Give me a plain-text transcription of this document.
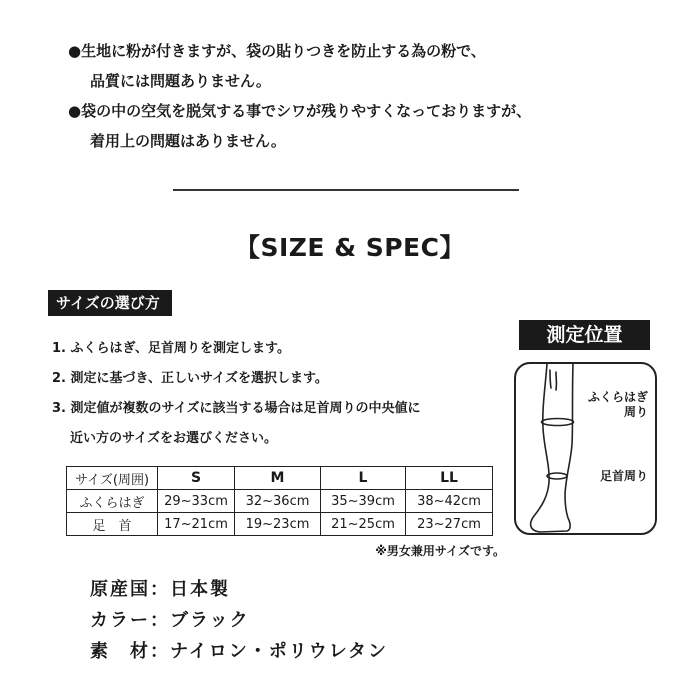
●生地に粉が付きますが、袋の貼りつきを防止する為の粉で、
品質には問題ありません。
●袋の中の空気を脱気する事でシワが残りやすくなっておりますが、
着用上の問題はありません。
【SIZE & SPEC】
サイズの選び方
1. ふくらはぎ、足首周りを測定します。
2. 測定に基づき、正しいサイズを選択します。
3. 測定値が複数のサイズに該当する場合は足首周りの中央値に
近い方のサイズをお選びください。
サイズ(周囲)	S	M	L	LL
ふくらはぎ	29~33cm	32~36cm	35~39cm	38~42cm
足　首	17~21cm	19~23cm	21~25cm	23~27cm
※男女兼用サイズです。
原産国：日本製
カラー：ブラック
素　材：ナイロン・ポリウレタン
測定位置
ふくらはぎ
周り
足首周り
